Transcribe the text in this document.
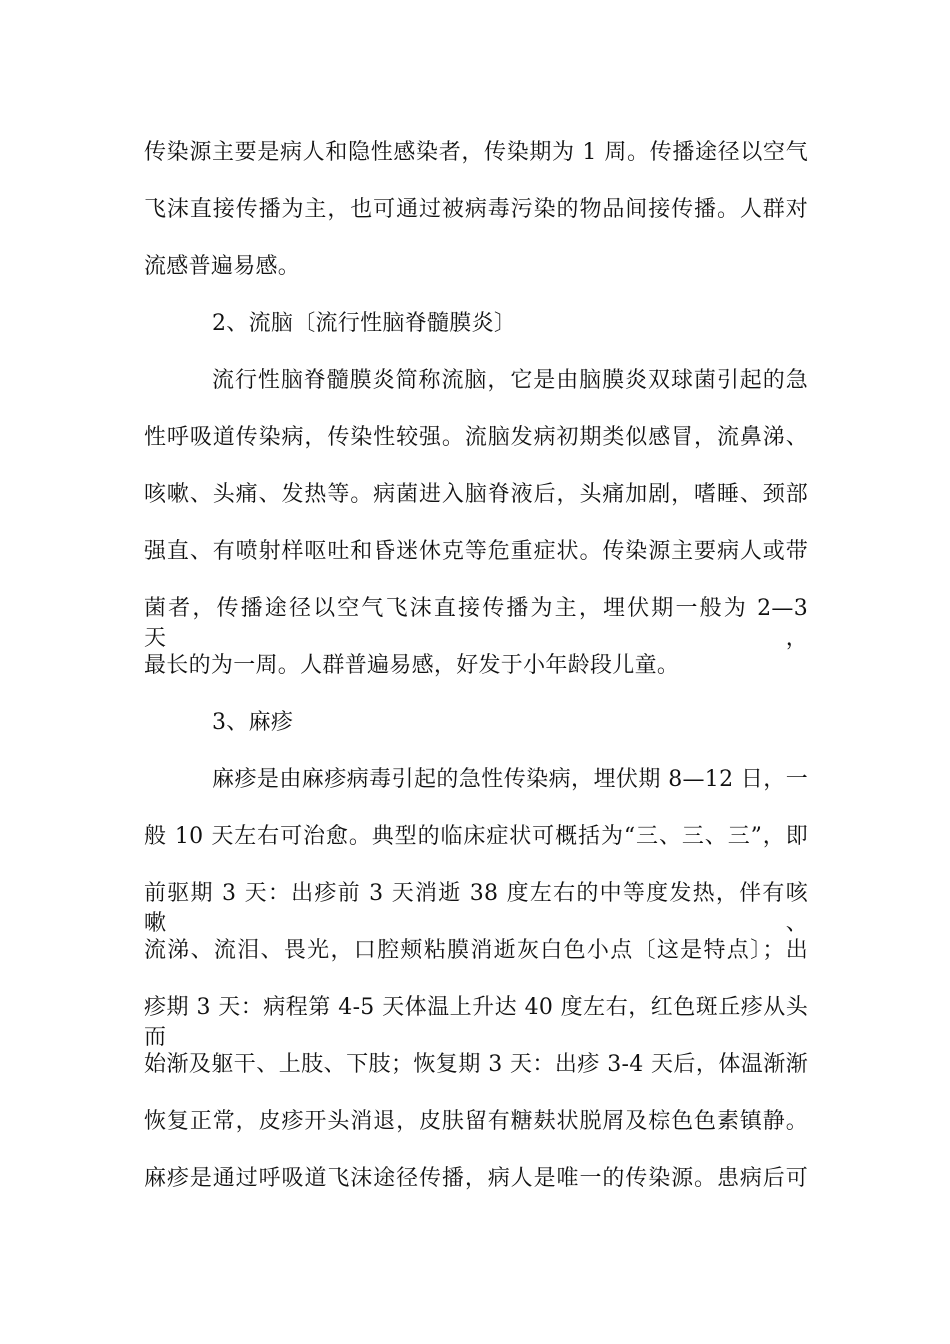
传染源主要是病人和隐性感染者，传染期为 1 周。传播途径以空气

飞沫直接传播为主，也可通过被病毒污染的物品间接传播。人群对

流感普遍易感。

2、流脑〔流行性脑脊髓膜炎〕

流行性脑脊髓膜炎简称流脑，它是由脑膜炎双球菌引起的急

性呼吸道传染病，传染性较强。流脑发病初期类似感冒，流鼻涕、

咳嗽、头痛、发热等。病菌进入脑脊液后，头痛加剧，嗜睡、颈部

强直、有喷射样呕吐和昏迷休克等危重症状。传染源主要病人或带

菌者，传播途径以空气飞沫直接传播为主，埋伏期一般为 2—3 天，

最长的为一周。人群普遍易感，好发于小年龄段儿童。

3、麻疹

麻疹是由麻疹病毒引起的急性传染病，埋伏期 8—12 日，一

般 10 天左右可治愈。典型的临床症状可概括为“三、三、三”，即

前驱期 3 天：出疹前 3 天消逝 38 度左右的中等度发热，伴有咳嗽、

流涕、流泪、畏光，口腔颊粘膜消逝灰白色小点〔这是特点〕；出

疹期 3 天：病程第 4-5 天体温上升达 40 度左右，红色斑丘疹从头而

始渐及躯干、上肢、下肢；恢复期 3 天：出疹 3-4 天后，体温渐渐

恢复正常，皮疹开头消退，皮肤留有糖麸状脱屑及棕色色素镇静。

麻疹是通过呼吸道飞沫途径传播，病人是唯一的传染源。患病后可
